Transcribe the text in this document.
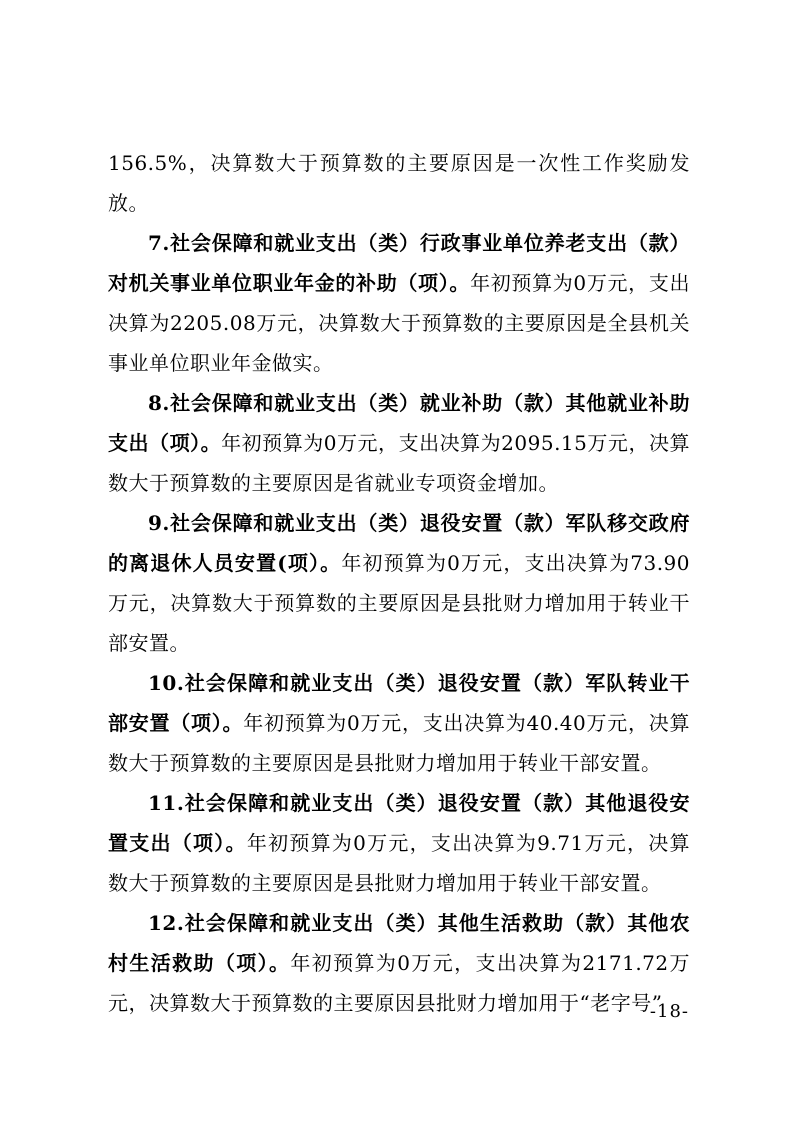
156.5%，决算数大于预算数的主要原因是一次性工作奖励发放。

7.社会保障和就业支出（类）行政事业单位养老支出（款）对机关事业单位职业年金的补助（项）。年初预算为0万元，支出决算为2205.08万元，决算数大于预算数的主要原因是全县机关事业单位职业年金做实。

8.社会保障和就业支出（类）就业补助（款）其他就业补助支出（项）。年初预算为0万元，支出决算为2095.15万元，决算数大于预算数的主要原因是省就业专项资金增加。

9.社会保障和就业支出（类）退役安置（款）军队移交政府的离退休人员安置(项）。年初预算为0万元，支出决算为73.90万元，决算数大于预算数的主要原因是县批财力增加用于转业干部安置。

10.社会保障和就业支出（类）退役安置（款）军队转业干部安置（项）。年初预算为0万元，支出决算为40.40万元，决算数大于预算数的主要原因是县批财力增加用于转业干部安置。

11.社会保障和就业支出（类）退役安置（款）其他退役安置支出（项）。年初预算为0万元，支出决算为9.71万元，决算数大于预算数的主要原因是县批财力增加用于转业干部安置。

12.社会保障和就业支出（类）其他生活救助（款）其他农村生活救助（项）。年初预算为0万元，支出决算为2171.72万元，决算数大于预算数的主要原因县批财力增加用于“老字号”

-18-
